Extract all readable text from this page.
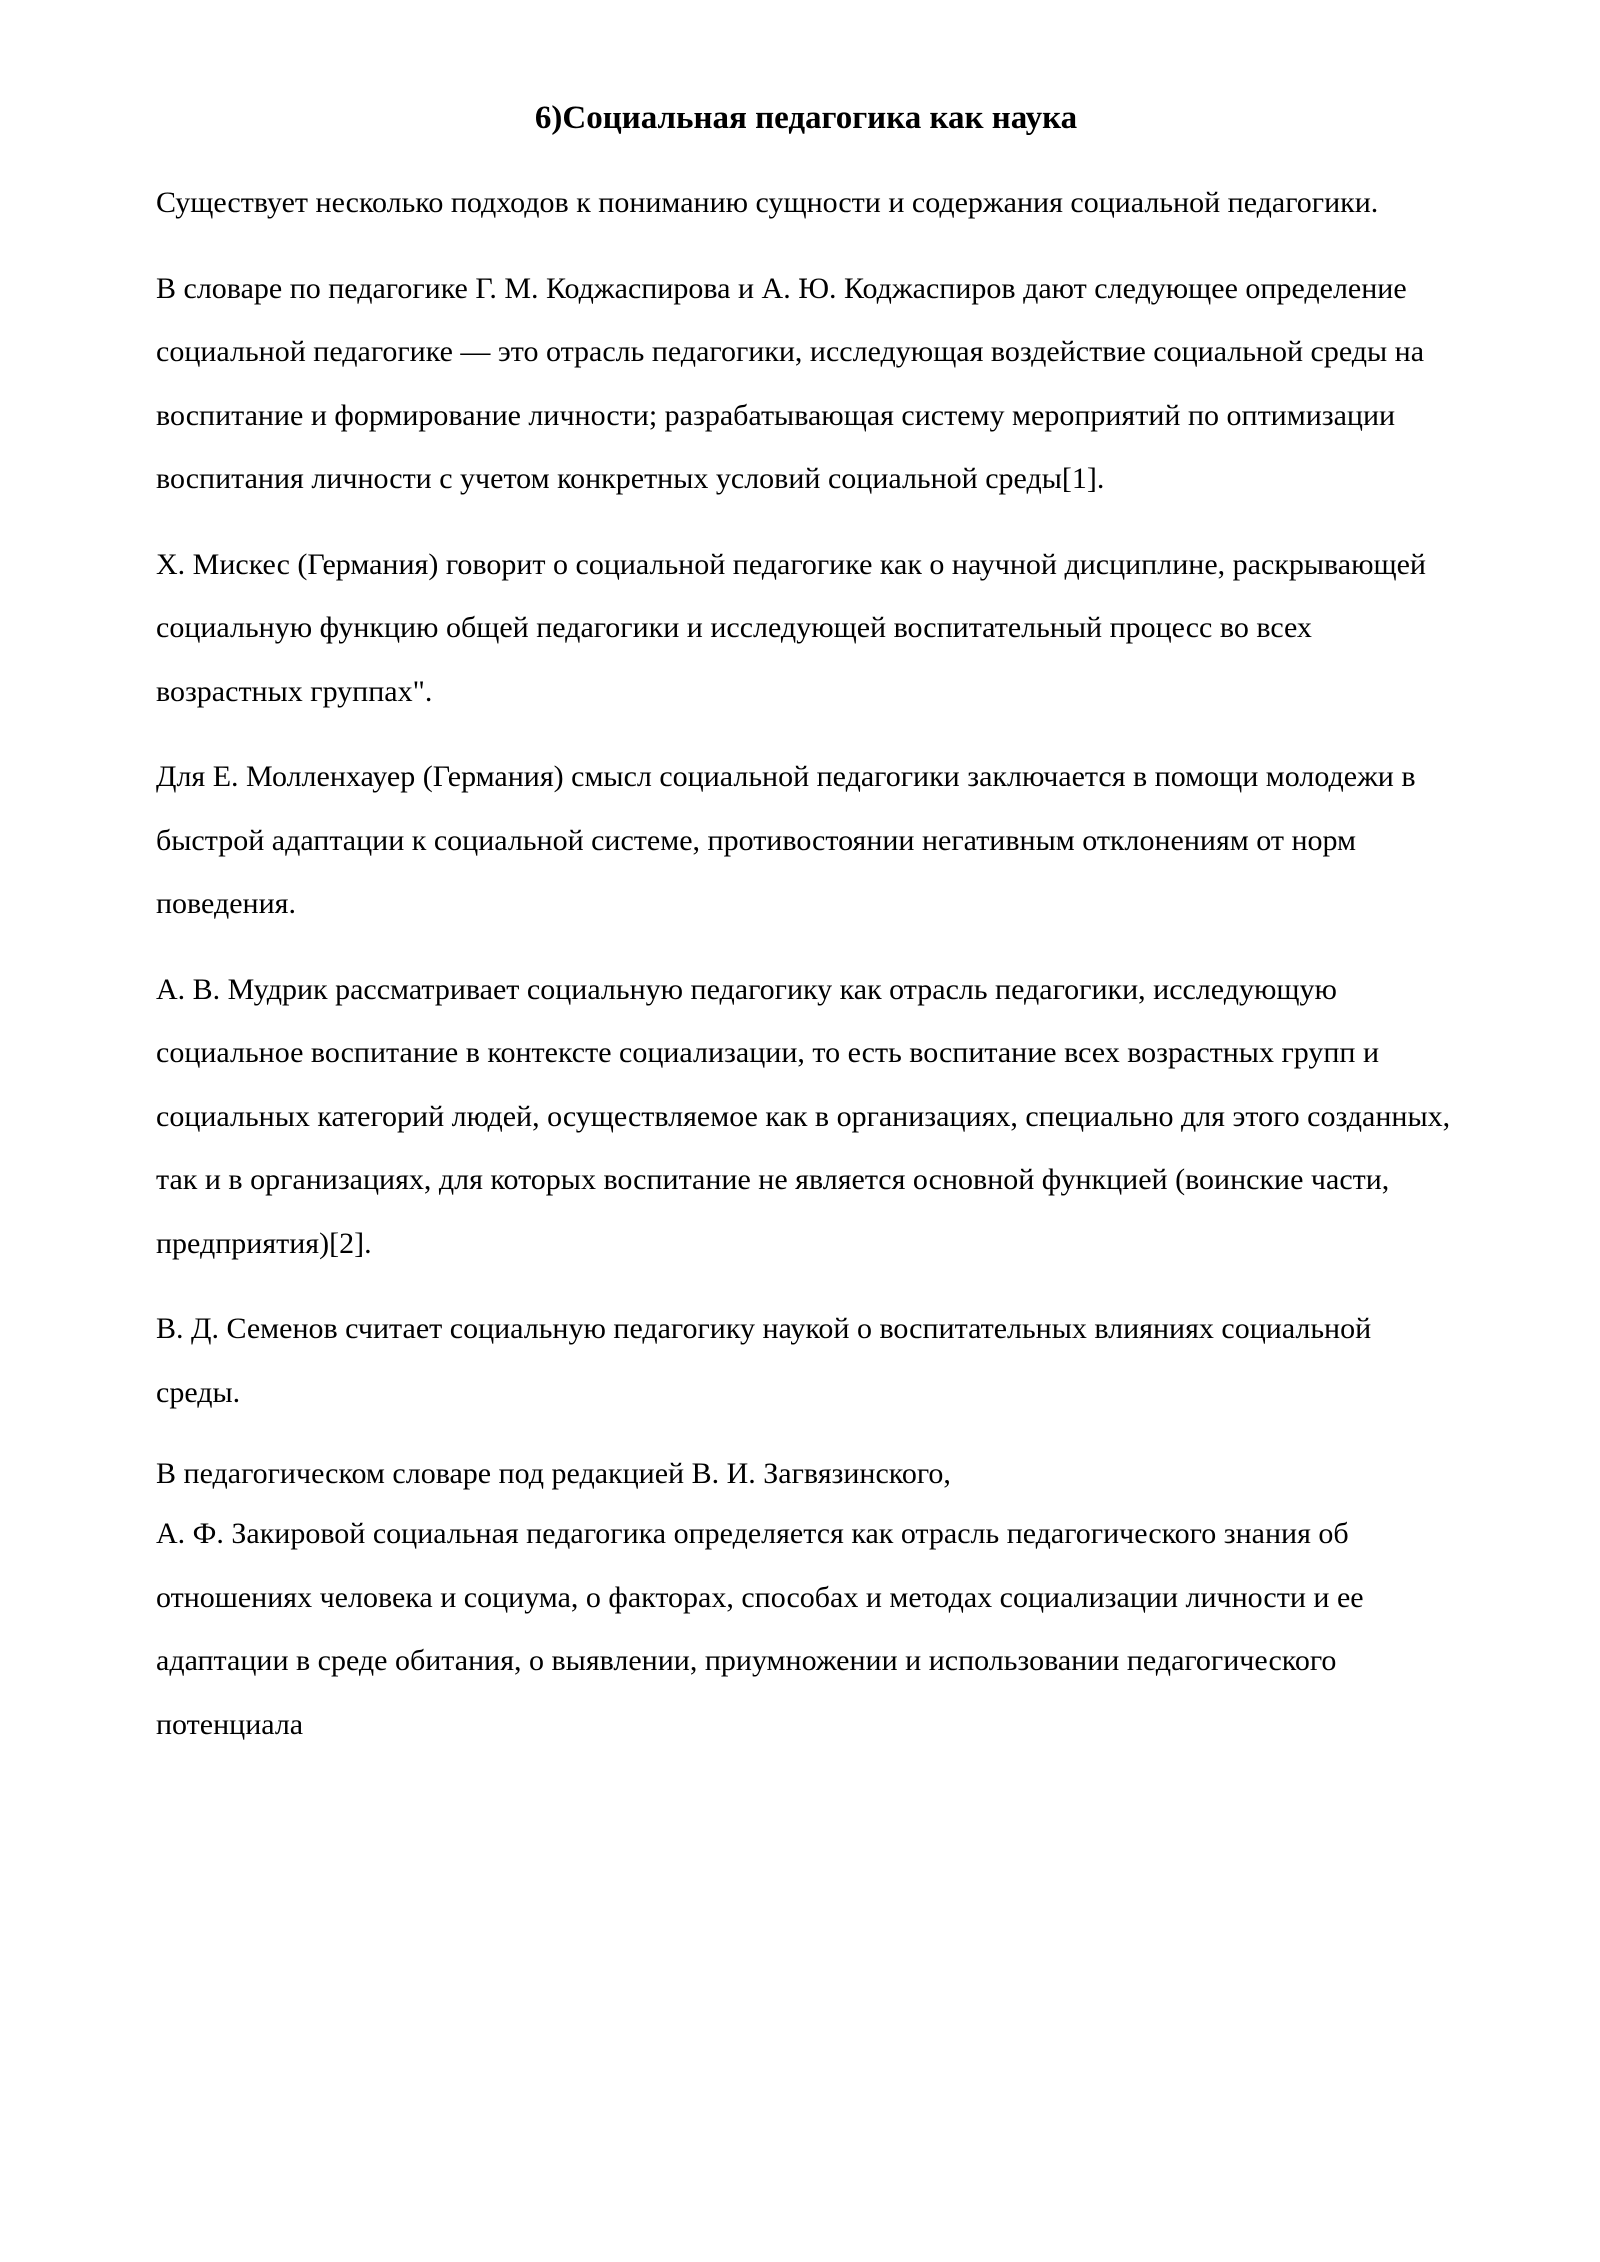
6)Социальная педагогика как наука

Существует несколько подходов к пониманию сущности и содержания социальной педагогики.

В словаре по педагогике Г. М. Коджаспирова и А. Ю. Коджаспиров дают следующее определение социальной педагогике — это отрасль педагогики, исследующая воздействие социальной среды на воспитание и формирование личности; разрабатывающая систему мероприятий по оптимизации воспитания личности с учетом конкретных условий социальной среды[1].

Х. Мискес (Германия) говорит о социальной педагогике как о научной дисциплине, раскрывающей социальную функцию общей педагогики и исследующей воспитательный процесс во всех возрастных группах".

Для Е. Молленхауер (Германия) смысл социальной педагогики заключается в помощи молодежи в быстрой адаптации к социальной системе, противостоянии негативным отклонениям от норм поведения.

А. В. Мудрик рассматривает социальную педагогику как отрасль педагогики, исследующую социальное воспитание в контексте социализации, то есть воспитание всех возрастных групп и социальных категорий людей, осуществляемое как в организациях, специально для этого созданных, так и в организациях, для которых воспитание не является основной функцией (воинские части, предприятия)[2].

В. Д. Семенов считает социальную педагогику наукой о воспитательных влияниях социальной среды.

В педагогическом словаре под редакцией В. И. Загвязинского,

А. Ф. Закировой социальная педагогика определяется как отрасль педагогического знания об отношениях человека и социума, о факторах, способах и методах социализации личности и ее адаптации в среде обитания, о выявлении, приумножении и использовании педагогического потенциала
